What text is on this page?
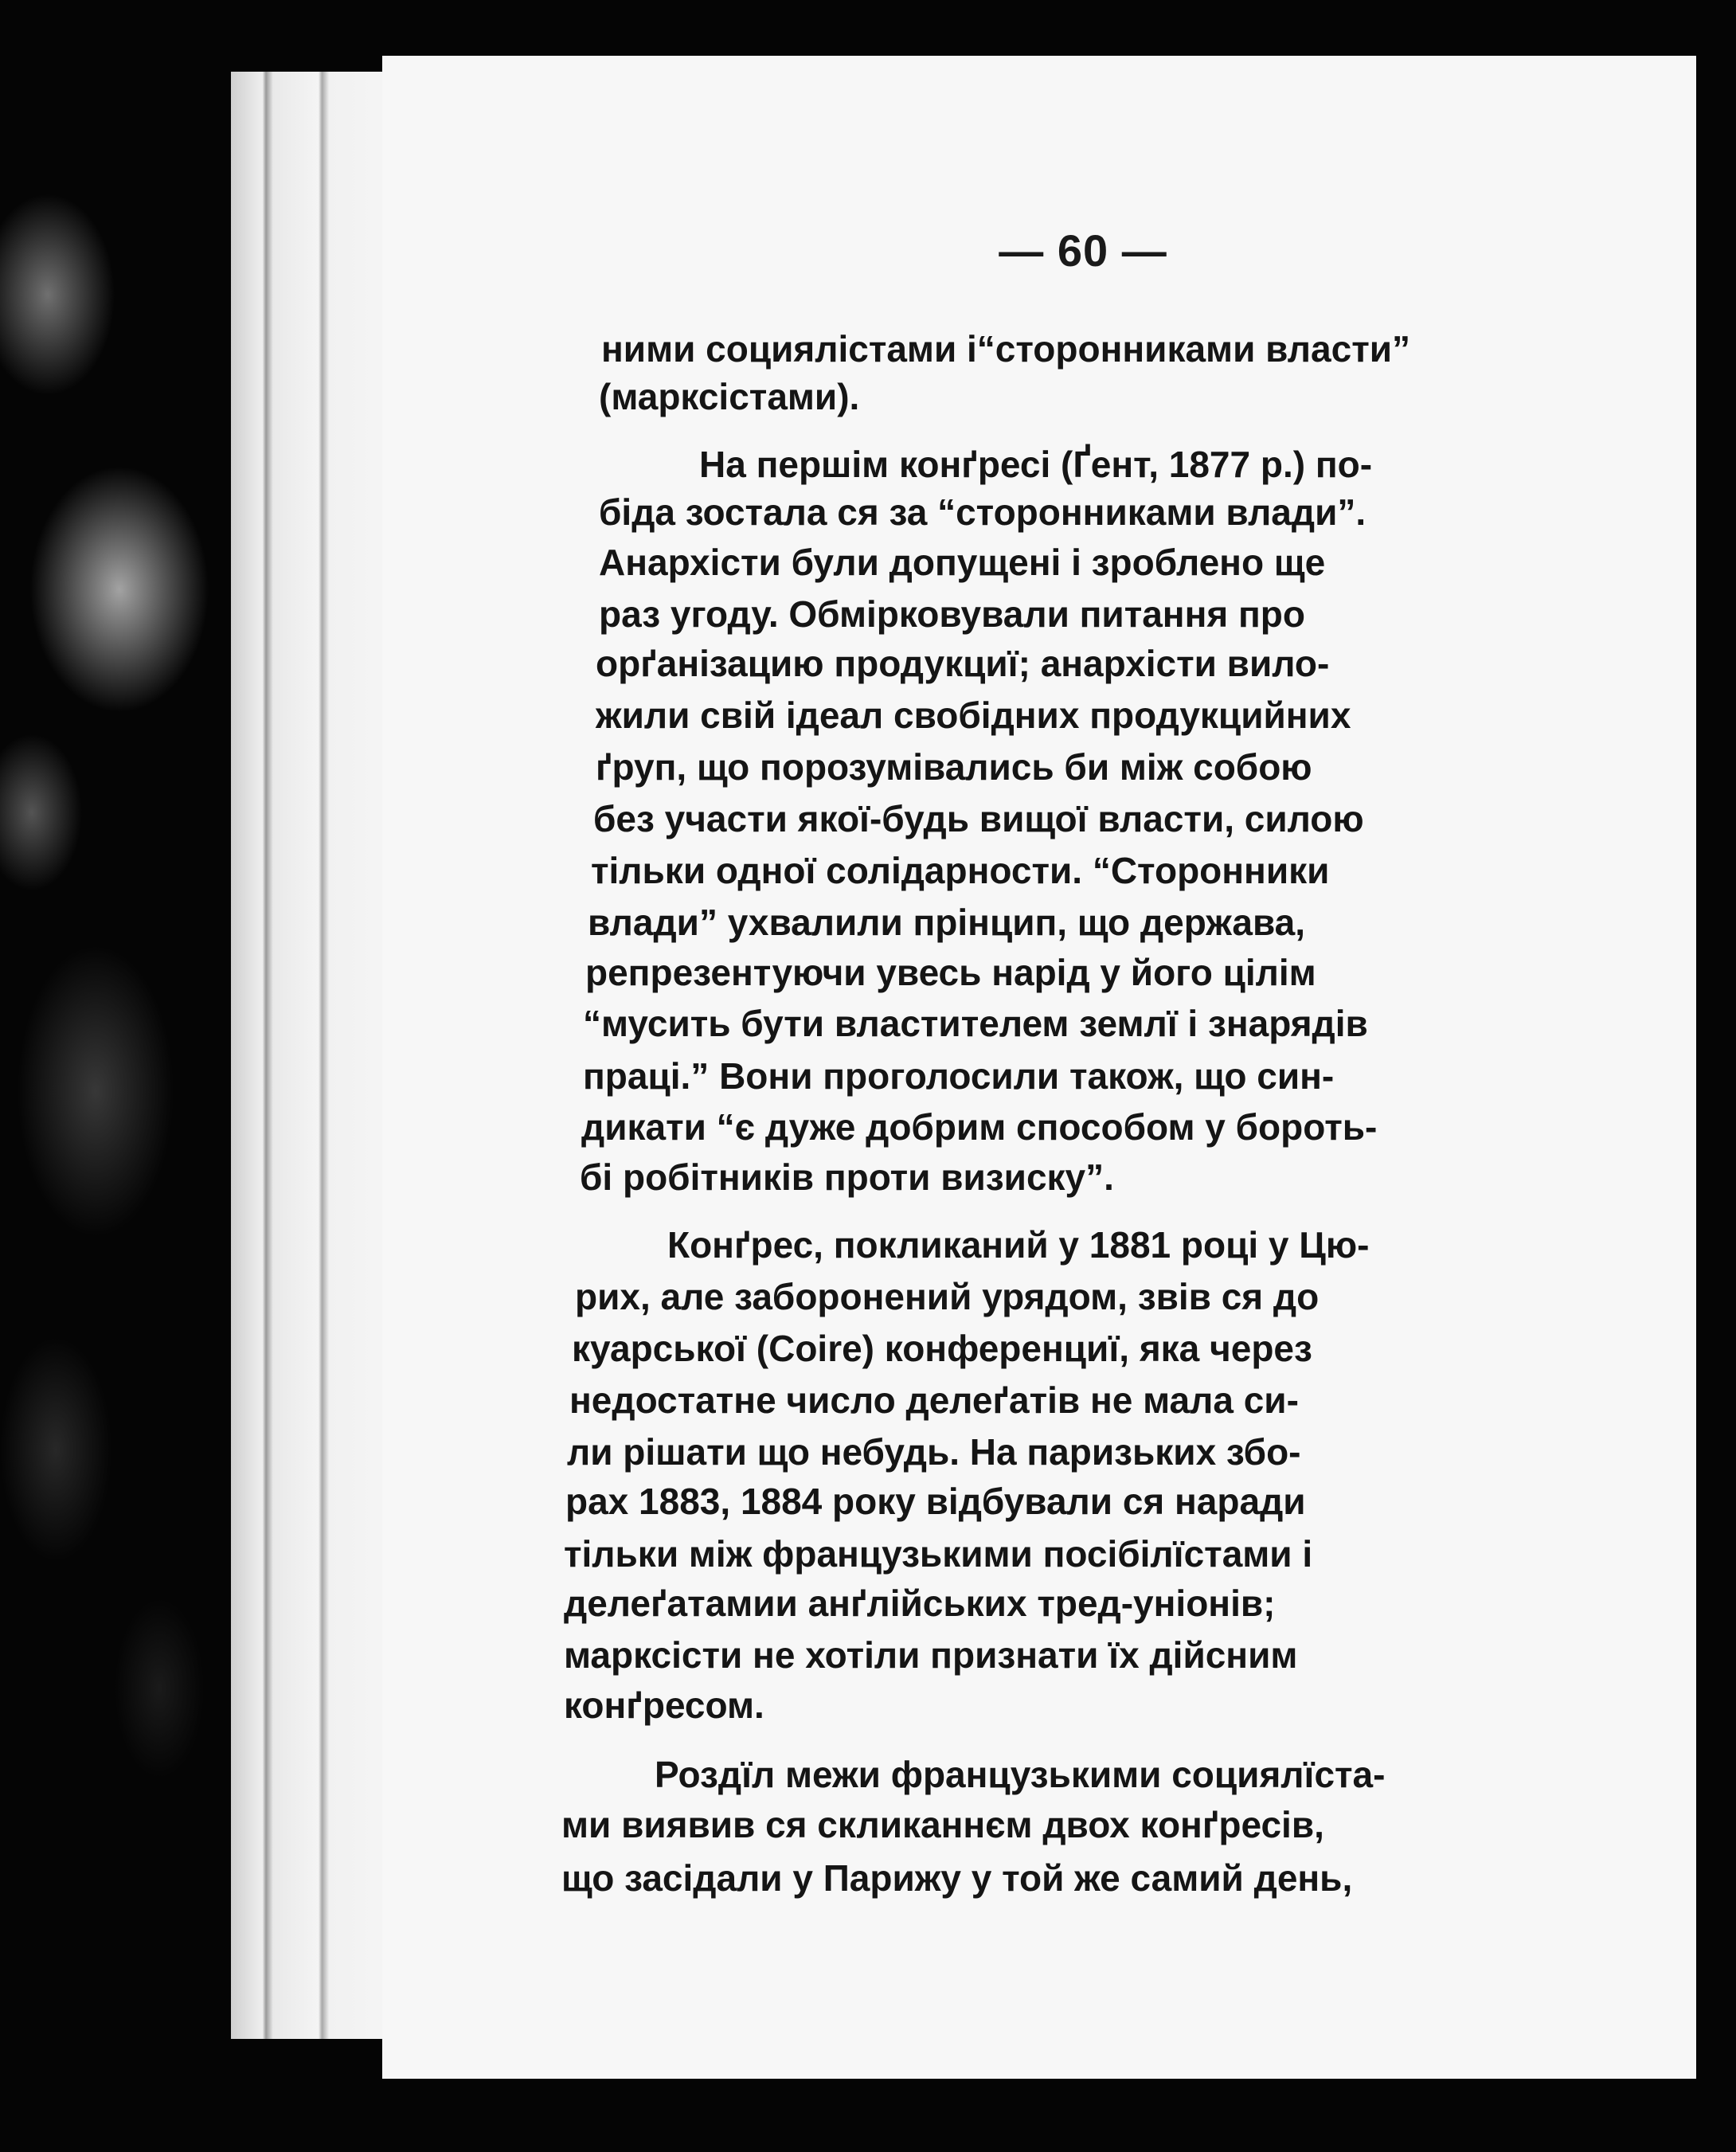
— 60 —
ними социялістами і“сторонниками власти”
(марксістами).
На першім конґресі (Ґент, 1877 р.) по-
біда зостала ся за “сторонниками влади”.
Анархісти були допущені і зроблено ще
раз угоду. Обмірковували питання про
орґанізацию продукциї; анархісти вило-
жили свій ідеал свобідних продукцийних
ґруп, що порозумівались би між собою
без участи якої-будь вищої власти, силою
тільки одної солідарности. “Сторонники
влади” ухвалили прінцип, що держава,
репрезентуючи увесь нарід у його цілім
“мусить бути властителем землї і знарядів
праці.” Вони проголосили також, що син-
дикати “є дуже добрим способом у бороть-
бі робітників проти визиску”.
Конґрес, покликаний у 1881 році у Цю-
рих, але заборонений урядом, звів ся до
куарської (Coire) конференциї, яка через
недостатне число делеґатів не мала си-
ли рішати що небудь. На паризьких збо-
рах 1883, 1884 року відбували ся наради
тільки між французькими посібілїстами і
делеґатамии анґлійських тред-уніонів;
марксісти не хотіли признати їх дійсним
конґресом.
Роздїл межи французькими социялїста-
ми виявив ся скликаннєм двох конґресів,
що засідали у Парижу у той же самий день,
